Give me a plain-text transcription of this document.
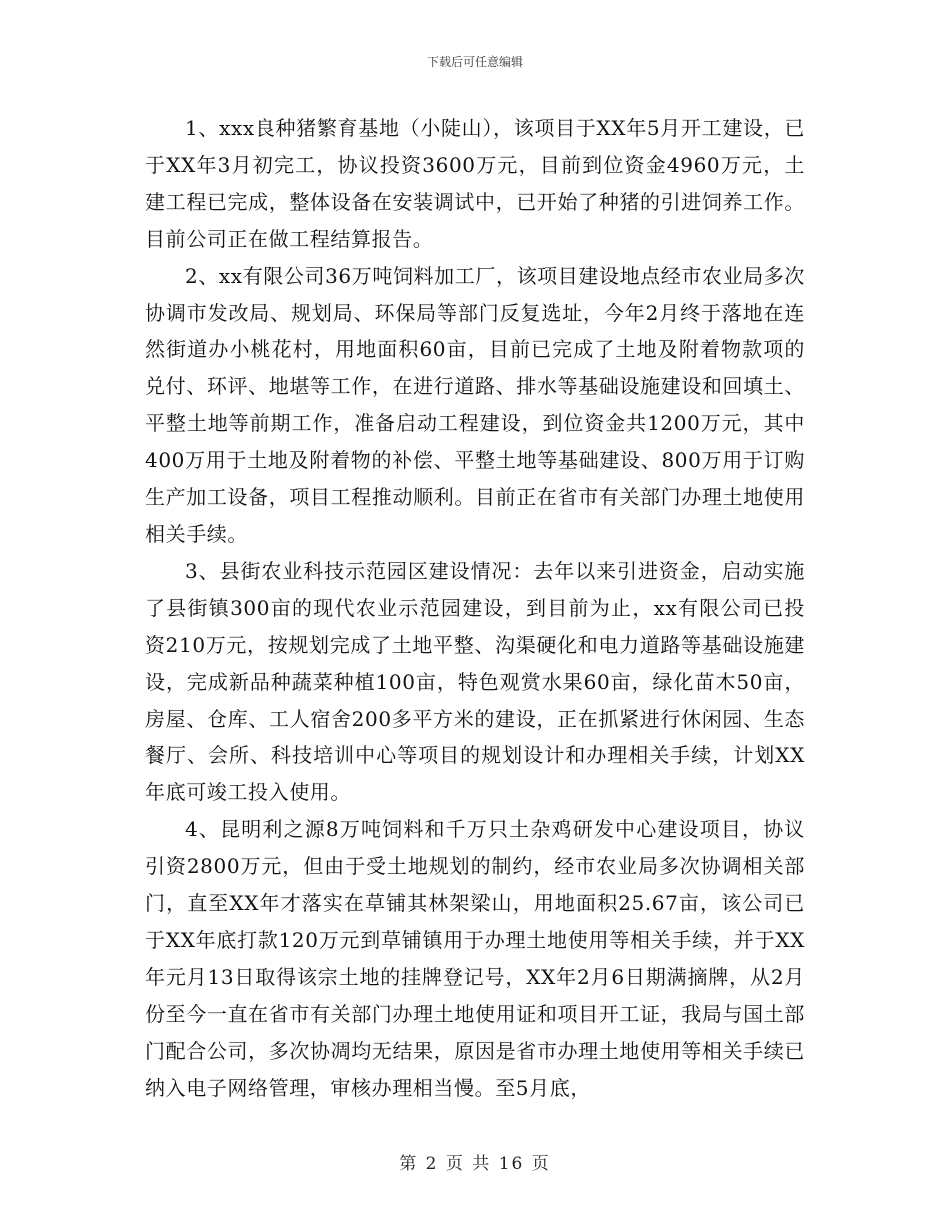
下载后可任意编辑

1、xxx良种猪繁育基地（小陡山），该项目于XX年5月开工建设，已于XX年3月初完工，协议投资3600万元，目前到位资金4960万元，土建工程已完成，整体设备在安装调试中，已开始了种猪的引进饲养工作。目前公司正在做工程结算报告。

2、xx有限公司36万吨饲料加工厂，该项目建设地点经市农业局多次协调市发改局、规划局、环保局等部门反复选址，今年2月终于落地在连然街道办小桃花村，用地面积60亩，目前已完成了土地及附着物款项的兑付、环评、地堪等工作，在进行道路、排水等基础设施建设和回填土、平整土地等前期工作，准备启动工程建设，到位资金共1200万元，其中400万用于土地及附着物的补偿、平整土地等基础建设、800万用于订购生产加工设备，项目工程推动顺利。目前正在省市有关部门办理土地使用相关手续。

3、县街农业科技示范园区建设情况：去年以来引进资金，启动实施了县街镇300亩的现代农业示范园建设，到目前为止，xx有限公司已投资210万元，按规划完成了土地平整、沟渠硬化和电力道路等基础设施建设，完成新品种蔬菜种植100亩，特色观赏水果60亩，绿化苗木50亩，房屋、仓库、工人宿舍200多平方米的建设，正在抓紧进行休闲园、生态餐厅、会所、科技培训中心等项目的规划设计和办理相关手续，计划XX年底可竣工投入使用。

4、昆明利之源8万吨饲料和千万只土杂鸡研发中心建设项目，协议引资2800万元，但由于受土地规划的制约，经市农业局多次协调相关部门，直至XX年才落实在草铺其林架梁山，用地面积25.67亩，该公司已于XX年底打款120万元到草铺镇用于办理土地使用等相关手续，并于XX年元月13日取得该宗土地的挂牌登记号，XX年2月6日期满摘牌，从2月份至今一直在省市有关部门办理土地使用证和项目开工证，我局与国土部门配合公司，多次协凋均无结果，原因是省市办理土地使用等相关手续已纳入电子网络管理，审核办理相当慢。至5月底，

第 2 页 共 16 页
